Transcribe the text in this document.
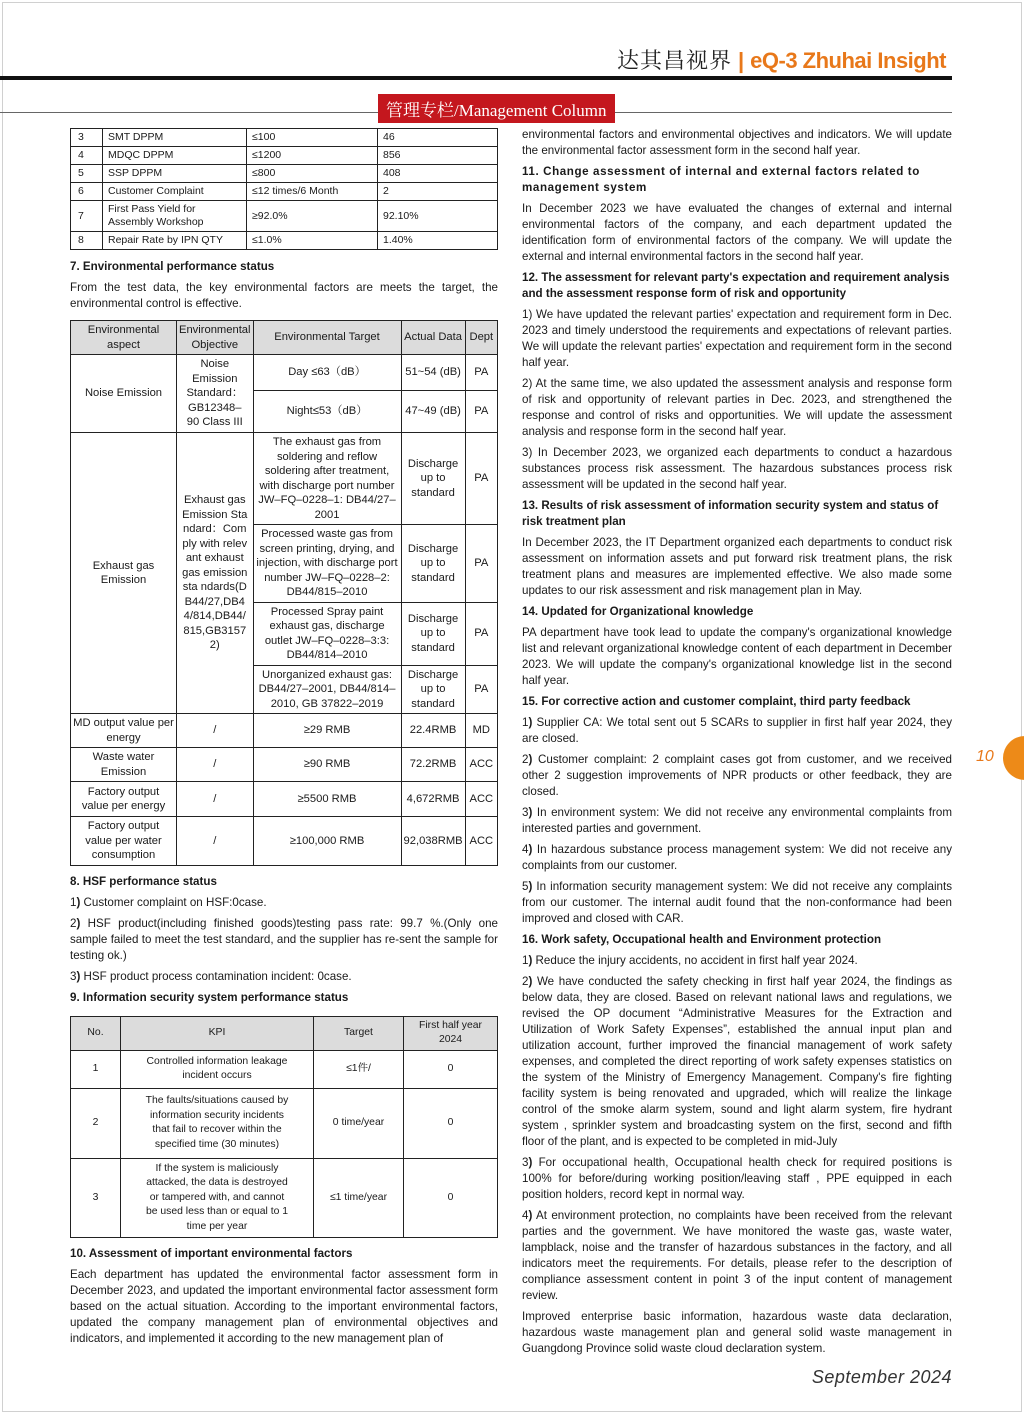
达其昌视界 | eQ-3 Zhuhai Insight
管理专栏/Management Column
3	SMT DPPM	≤100	46
4	MDQC DPPM	≤1200	856
5	SSP DPPM	≤800	408
6	Customer Complaint	≤12 times/6 Month	2
7	First Pass Yield for Assembly Workshop	≥92.0%	92.10%
8	Repair Rate by IPN QTY	≤1.0%	1.40%
7. Environmental performance status
From the test data, the key environmental factors are meets the target, the environmental control is effective.
Environmental aspect	Environmental Objective	Environmental Target	Actual Data	Dept
Noise Emission	Noise Emission Standard：GB12348–90 Class III	Day ≤63（dB）	51~54 (dB)	PA
		Night≤53（dB）	47~49 (dB)	PA
Exhaust gas Emission	Exhaust gas Emission Standard：Comply with relevant exhaust gas emission sta ndards(DB44/27,DB44/814,DB44/815,GB31572)	The exhaust gas from soldering and reflow soldering after treatment, with discharge port number JW–FQ–0228–1: DB44/27–2001	Discharge up to standard	PA
		Processed waste gas from screen printing, drying, and injection, with discharge port number JW–FQ–0228–2: DB44/815–2010	Discharge up to standard	PA
		Processed Spray paint exhaust gas, discharge outlet JW–FQ–0228–3:3: DB44/814–2010	Discharge up to standard	PA
		Unorganized exhaust gas: DB44/27–2001, DB44/814–2010, GB 37822–2019	Discharge up to standard	PA
MD output value per energy	/	≥29 RMB	22.4RMB	MD
Waste water Emission	/	≥90 RMB	72.2RMB	ACC
Factory output value per energy	/	≥5500 RMB	4,672RMB	ACC
Factory output value per water consumption	/	≥100,000 RMB	92,038RMB	ACC
8. HSF performance status
1) Customer complaint on HSF:0case.
2) HSF product(including finished goods)testing pass rate: 99.7 %.(Only one sample failed to meet the test standard, and the supplier has re-sent the sample for testing ok.)
3) HSF product process contamination incident: 0case.
9. Information security system performance status
No.	KPI	Target	First half year 2024
1	Controlled information leakage incident occurs	≤1件/	0
2	The faults/situations caused by information security incidents that fail to recover within the specified time (30 minutes)	0 time/year	0
3	If the system is maliciously attacked, the data is destroyed or tampered with, and cannot be used less than or equal to 1 time per year	≤1 time/year	0
10. Assessment of important environmental factors
Each department has updated the environmental factor assessment form in December 2023, and updated the important environmental factor assessment form based on the actual situation. According to the important environmental factors, updated the company management plan of environmental objectives and indicators, and implemented it according to the new management plan of
environmental factors and environmental objectives and indicators. We will update the environmental factor assessment form in the second half year.
11. Change assessment of internal and external factors related to management system
In December 2023 we have evaluated the changes of external and internal environmental factors of the company, and each department updated the identification form of environmental factors of the company. We will update the external and internal environmental factors in the second half year.
12. The assessment for relevant party's expectation and requirement analysis and the assessment response form of risk and opportunity
1) We have updated the relevant parties' expectation and requirement form in Dec. 2023 and timely understood the requirements and expectations of relevant parties. We will update the relevant parties' expectation and requirement form in the second half year.
2) At the same time, we also updated the assessment analysis and response form of risk and opportunity of relevant parties in Dec. 2023, and strengthened the response and control of risks and opportunities. We will update the assessment analysis and response form in the second half year.
3) In December 2023, we organized each departments to conduct a hazardous substances process risk assessment. The hazardous substances process risk assessment will be updated in the second half year.
13. Results of risk assessment of information security system and status of risk treatment plan
In December 2023, the IT Department organized each departments to conduct risk assessment on information assets and put forward risk treatment plans, the risk treatment plans and measures are implemented effective. We also made some updates to our risk assessment and risk management plan in May.
14. Updated for Organizational knowledge
PA department have took lead to update the company's organizational knowledge list and relevant organizational knowledge content of each department in December 2023. We will update the company's organizational knowledge list in the second half year.
15. For corrective action and customer complaint, third party feedback
1) Supplier CA: We total sent out 5 SCARs to supplier in first half year 2024, they are closed.
2) Customer complaint: 2 complaint cases got from customer, and we received other 2 suggestion improvements of NPR products or other feedback, they are closed.
3) In environment system: We did not receive any environmental complaints from interested parties and government.
4) In hazardous substance process management system: We did not receive any complaints from our customer.
5) In information security management system: We did not receive any complaints from our customer. The internal audit found that the non-conformance had been improved and closed with CAR.
16. Work safety, Occupational health and Environment protection
1) Reduce the injury accidents, no accident in first half year 2024.
2) We have conducted the safety checking in first half year 2024, the findings as below data, they are closed. Based on relevant national laws and regulations, we revised the OP document “Administrative Measures for the Extraction and Utilization of Work Safety Expenses”, established the annual input plan and utilization account, further improved the financial management of work safety expenses, and completed the direct reporting of work safety expenses statistics on the system of the Ministry of Emergency Management. Company's fire fighting facility system is being renovated and upgraded, which will realize the linkage control of the smoke alarm system, sound and light alarm system, fire hydrant system , sprinkler system and broadcasting system on the first, second and fifth floor of the plant, and is expected to be completed in mid-July
3) For occupational health, Occupational health check for required positions is 100% for before/during working position/leaving staff , PPE equipped in each position holders, record kept in normal way.
4) At environment protection, no complaints have been received from the relevant parties and the government. We have monitored the waste gas, waste water, lampblack, noise and the transfer of hazardous substances in the factory, and all indicators meet the requirements. For details, please refer to the description of compliance assessment content in point 3 of the input content of management review.
Improved enterprise basic information, hazardous waste data declaration, hazardous waste management plan and general solid waste management in Guangdong Province solid waste cloud declaration system.
10
September 2024
